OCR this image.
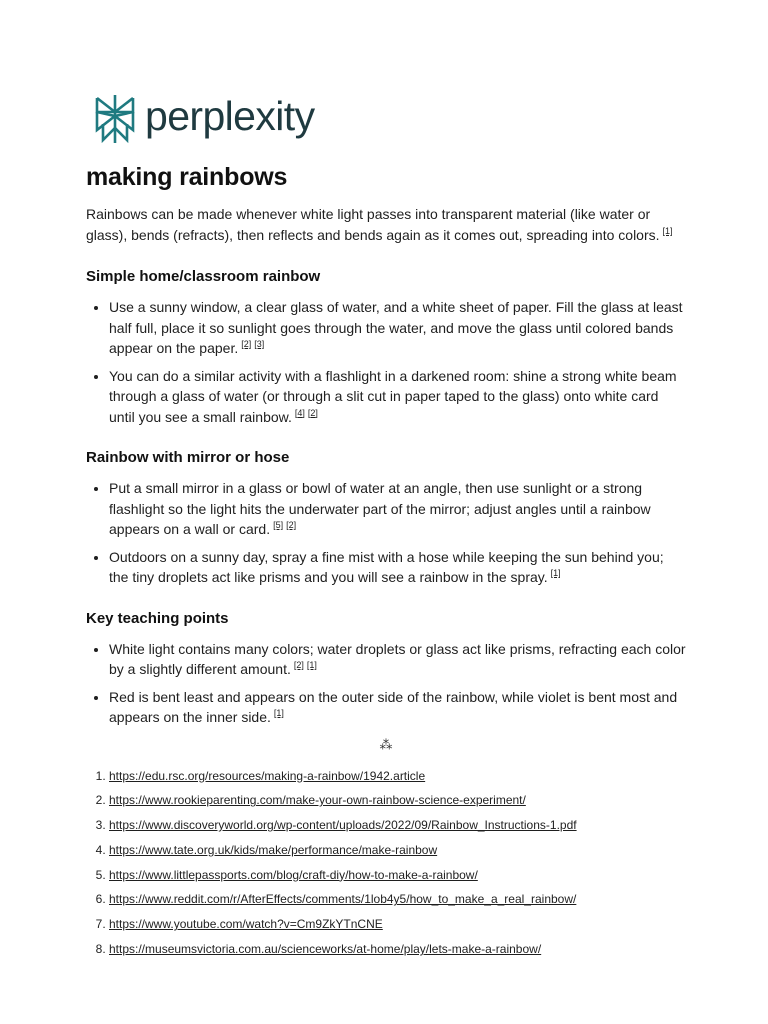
perplexity
making rainbows

Rainbows can be made whenever white light passes into transparent material (like water or glass), bends (refracts), then reflects and bends again as it comes out, spreading into colors. [1]

Simple home/classroom rainbow
• Use a sunny window, a clear glass of water, and a white sheet of paper. Fill the glass at least half full, place it so sunlight goes through the water, and move the glass until colored bands appear on the paper. [2] [3]
• You can do a similar activity with a flashlight in a darkened room: shine a strong white beam through a glass of water (or through a slit cut in paper taped to the glass) onto white card until you see a small rainbow. [4] [2]
Rainbow with mirror or hose
• Put a small mirror in a glass or bowl of water at an angle, then use sunlight or a strong flashlight so the light hits the underwater part of the mirror; adjust angles until a rainbow appears on a wall or card. [5] [2]
• Outdoors on a sunny day, spray a fine mist with a hose while keeping the sun behind you; the tiny droplets act like prisms and you will see a rainbow in the spray. [1]
Key teaching points
• White light contains many colors; water droplets or glass act like prisms, refracting each color by a slightly different amount. [2] [1]
• Red is bent least and appears on the outer side of the rainbow, while violet is bent most and appears on the inner side. [1]
⁂
1. https://edu.rsc.org/resources/making-a-rainbow/1942.article
2. https://www.rookieparenting.com/make-your-own-rainbow-science-experiment/
3. https://www.discoveryworld.org/wp-content/uploads/2022/09/Rainbow_Instructions-1.pdf
4. https://www.tate.org.uk/kids/make/performance/make-rainbow
5. https://www.littlepassports.com/blog/craft-diy/how-to-make-a-rainbow/
6. https://www.reddit.com/r/AfterEffects/comments/1lob4y5/how_to_make_a_real_rainbow/
7. https://www.youtube.com/watch?v=Cm9ZkYTnCNE
8. https://museumsvictoria.com.au/scienceworks/at-home/play/lets-make-a-rainbow/
